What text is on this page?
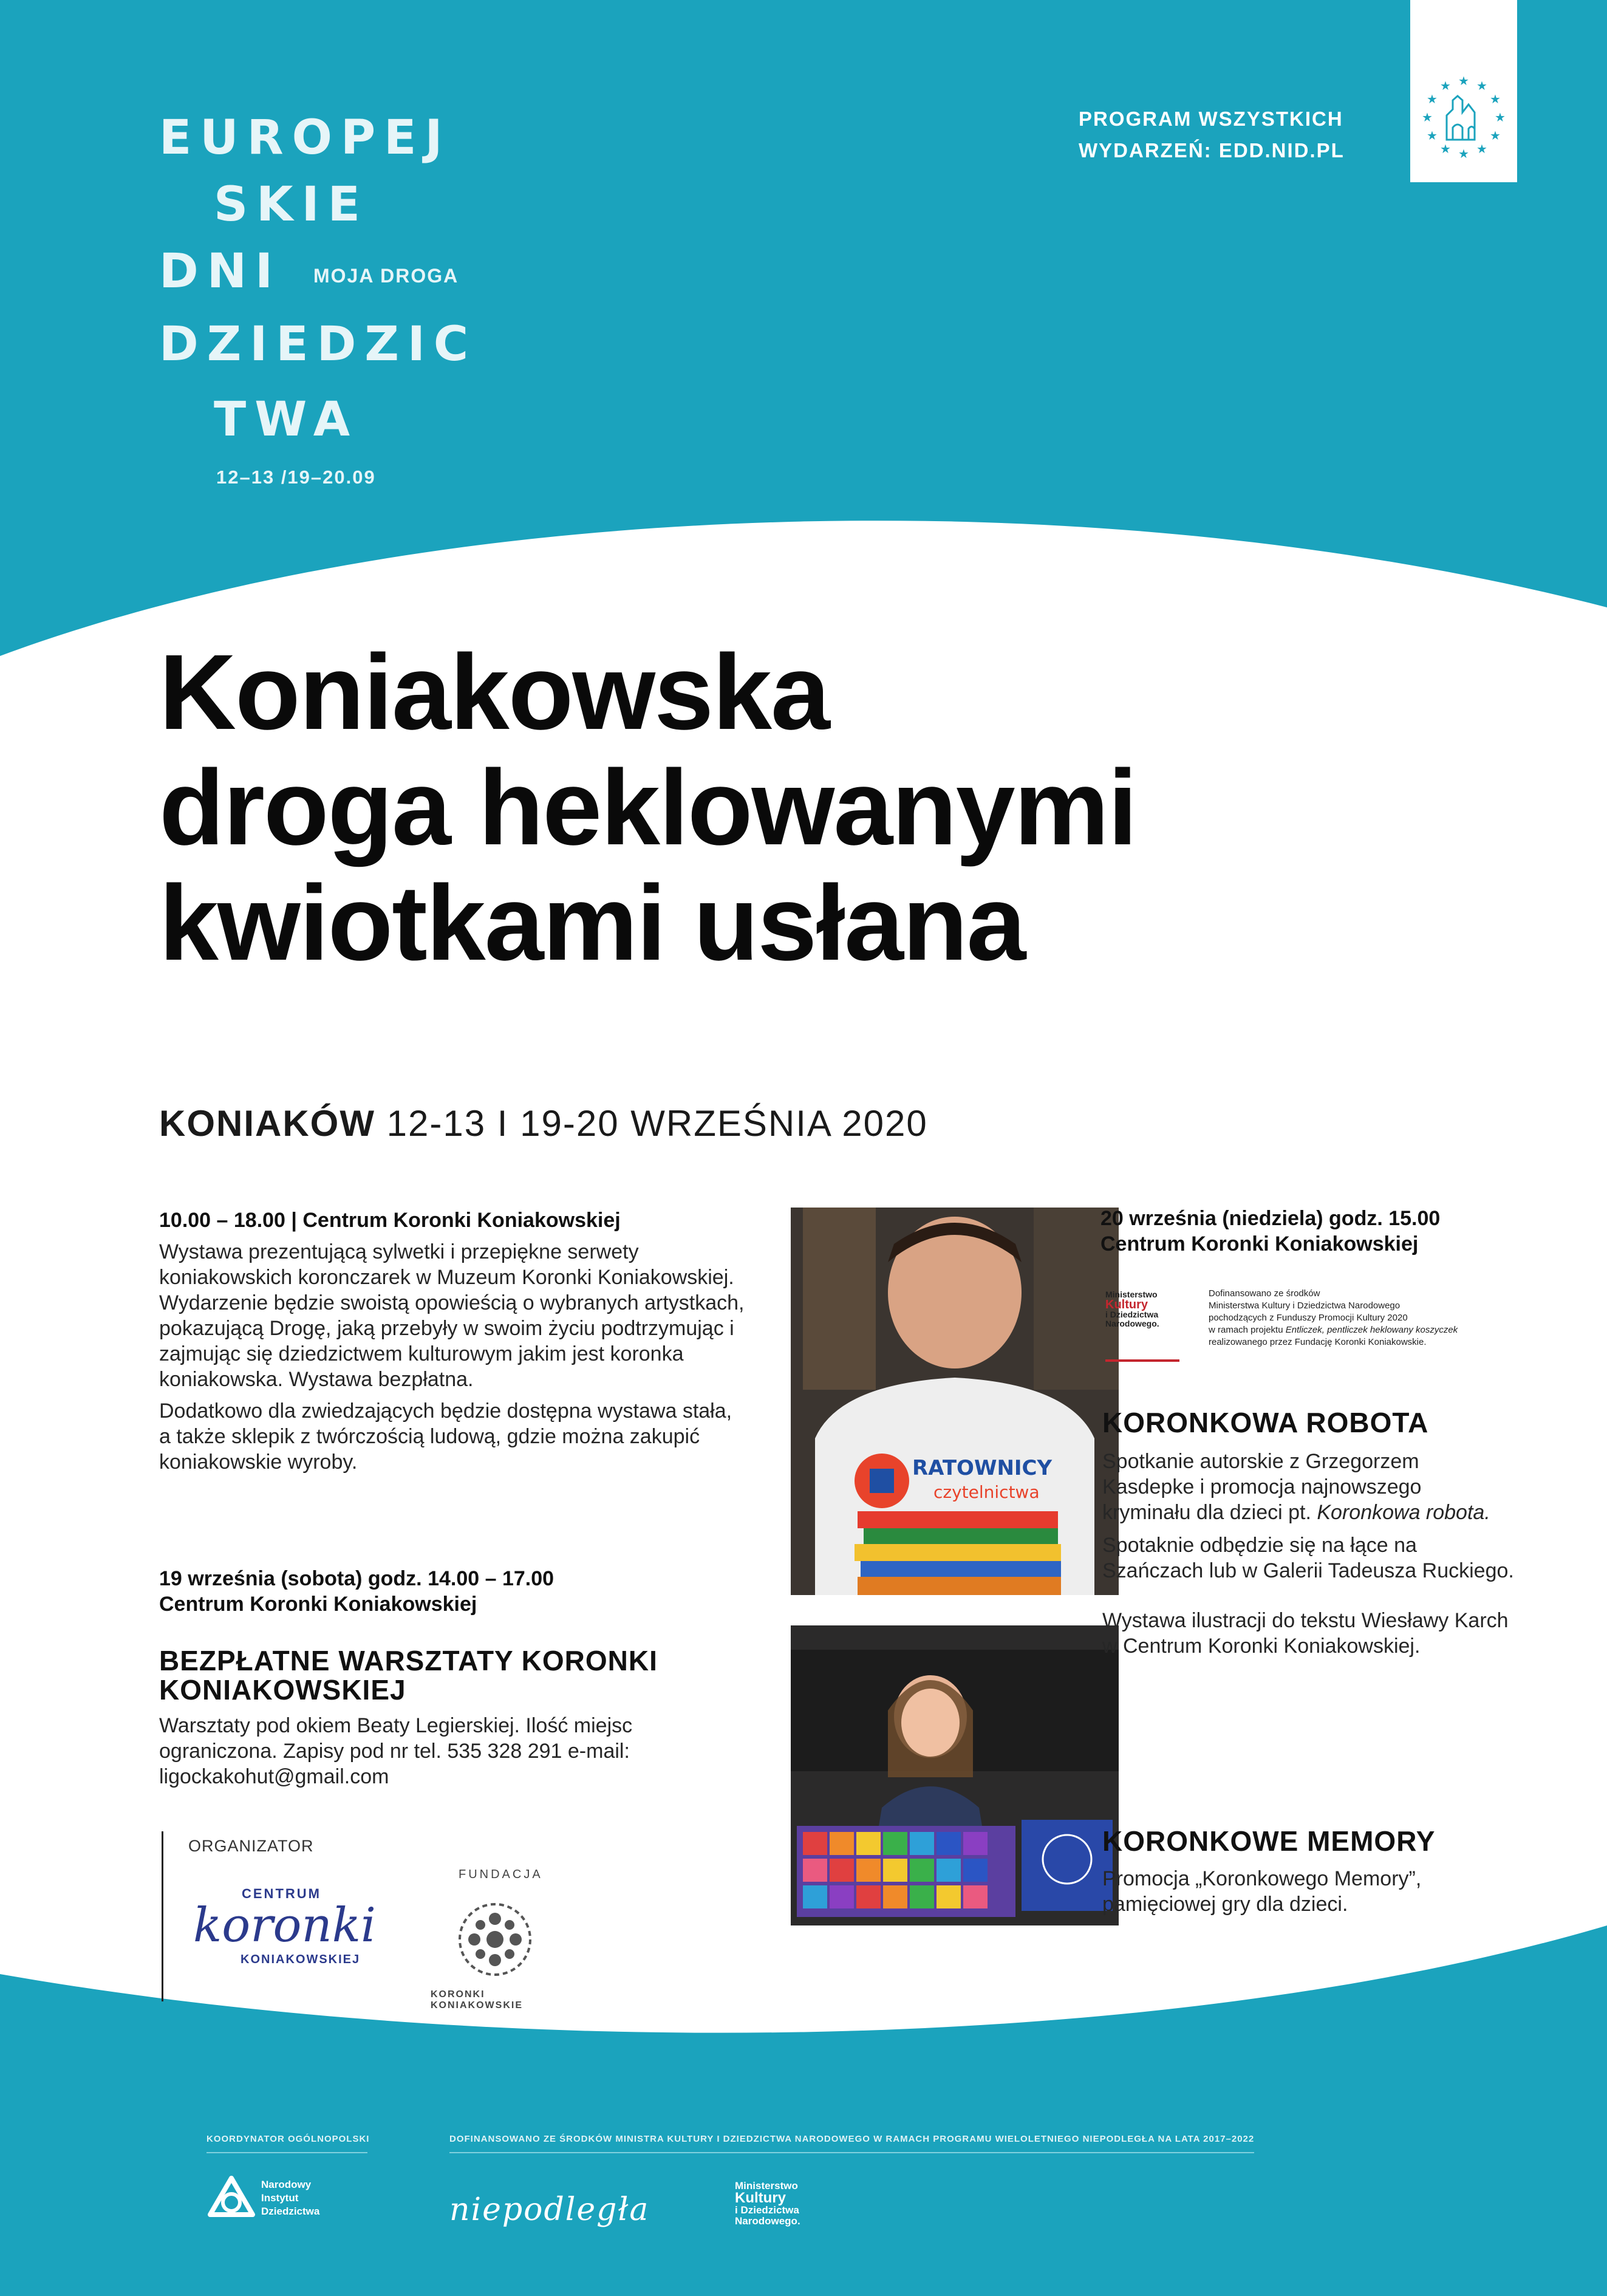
EUROPEJ
SKIE
DNI MOJA DROGA
DZIEDZIC
TWA
12–13 /19–20.09
PROGRAM WSZYSTKICH
WYDARZEŃ: EDD.NID.PL
★ ★
★
★
★
★
★
★
★
★
★
★
Koniakowska
droga heklowanymi
kwiotkami usłana
KONIAKÓW 12-13 I 19-20 WRZEŚNIA 2020
10.00 – 18.00 | Centrum Koronki Koniakowskiej
Wystawa prezentującą sylwetki i przepiękne serwety koniakowskich koronczarek w Muzeum Koronki Koniakowskiej. Wydarzenie będzie swoistą opowieścią o wybranych artystkach, pokazującą Drogę, jaką przebyły w swoim życiu podtrzymując i zajmując się dziedzictwem kulturowym jakim jest koronka koniakowska. Wystawa bezpłatna.
Dodatkowo dla zwiedzających będzie dostępna wystawa stała, a także sklepik z twórczością ludową, gdzie można zakupić koniakowskie wyroby.
19 września (sobota) godz. 14.00 – 17.00
Centrum Koronki Koniakowskiej
BEZPŁATNE WARSZTATY KORONKI KONIAKOWSKIEJ
Warsztaty pod okiem Beaty Legierskiej. Ilość miejsc ograniczona. Zapisy pod nr tel. 535 328 291 e-mail: ligockakohut@gmail.com
ORGANIZATOR
CENTRUM
koronki
KONIAKOWSKIEJ
FUNDACJA
KORONKI KONIAKOWSKIE
RATOWNICY
czytelnictwa
20 września (niedziela) godz. 15.00
Centrum Koronki Koniakowskiej
Ministerstwo
Kultury
i Dziedzictwa
Narodowego.
Dofinansowano ze środków
Ministerstwa Kultury i Dziedzictwa Narodowego
pochodzących z Funduszy Promocji Kultury 2020
w ramach projektu Entliczek, pentliczek heklowany koszyczek
realizowanego przez Fundację Koronki Koniakowskie.
KORONKOWA ROBOTA
Spotkanie autorskie z Grzegorzem Kasdepke i promocja najnowszego kryminału dla dzieci pt. Koronkowa robota.
Spotaknie odbędzie się na łące na Szańczach lub w Galerii Tadeusza Ruckiego.
Wystawa ilustracji do tekstu Wiesławy Karch w Centrum Koronki Koniakowskiej.
KORONKOWE MEMORY
Promocja „Koronkowego Memory”, pamięciowej gry dla dzieci.
KOORDYNATOR OGÓLNOPOLSKI	DOFINANSOWANO ZE ŚRODKÓW MINISTRA KULTURY I DZIEDZICTWA NARODOWEGO W RAMACH PROGRAMU WIELOLETNIEGO NIEPODLEGŁA NA LATA 2017–2022
Narodowy
Instytut
Dziedzictwa	niepodległa
Ministerstwo
Kultury
i Dziedzictwa
Narodowego.
